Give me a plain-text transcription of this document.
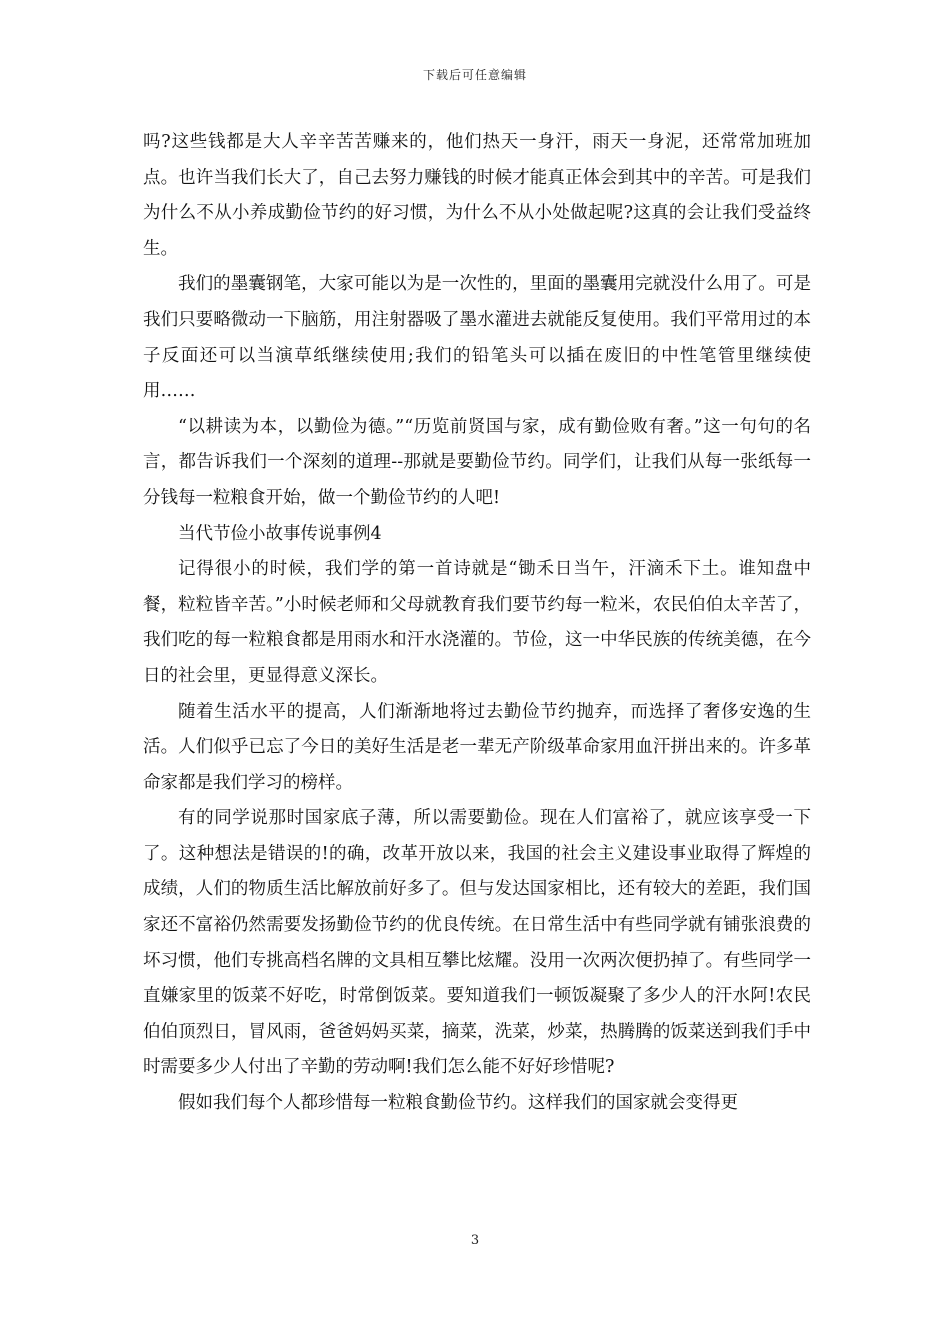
下载后可任意编辑

吗?这些钱都是大人辛辛苦苦赚来的，他们热天一身汗，雨天一身泥，还常常加班加点。也许当我们长大了，自己去努力赚钱的时候才能真正体会到其中的辛苦。可是我们为什么不从小养成勤俭节约的好习惯，为什么不从小处做起呢?这真的会让我们受益终生。

我们的墨囊钢笔，大家可能以为是一次性的，里面的墨囊用完就没什么用了。可是我们只要略微动一下脑筋，用注射器吸了墨水灌进去就能反复使用。我们平常用过的本子反面还可以当演草纸继续使用;我们的铅笔头可以插在废旧的中性笔管里继续使用……

“以耕读为本，以勤俭为德。”“历览前贤国与家，成有勤俭败有奢。”这一句句的名言，都告诉我们一个深刻的道理--那就是要勤俭节约。同学们，让我们从每一张纸每一分钱每一粒粮食开始，做一个勤俭节约的人吧!

当代节俭小故事传说事例4

记得很小的时候，我们学的第一首诗就是“锄禾日当午，汗滴禾下土。谁知盘中餐，粒粒皆辛苦。”小时候老师和父母就教育我们要节约每一粒米，农民伯伯太辛苦了，我们吃的每一粒粮食都是用雨水和汗水浇灌的。节俭，这一中华民族的传统美德，在今日的社会里，更显得意义深长。

随着生活水平的提高，人们渐渐地将过去勤俭节约抛弃，而选择了奢侈安逸的生活。人们似乎已忘了今日的美好生活是老一辈无产阶级革命家用血汗拼出来的。许多革命家都是我们学习的榜样。

有的同学说那时国家底子薄，所以需要勤俭。现在人们富裕了，就应该享受一下了。这种想法是错误的!的确，改革开放以来，我国的社会主义建设事业取得了辉煌的成绩，人们的物质生活比解放前好多了。但与发达国家相比，还有较大的差距，我们国家还不富裕仍然需要发扬勤俭节约的优良传统。在日常生活中有些同学就有铺张浪费的坏习惯，他们专挑高档名牌的文具相互攀比炫耀。没用一次两次便扔掉了。有些同学一直嫌家里的饭菜不好吃，时常倒饭菜。要知道我们一顿饭凝聚了多少人的汗水阿!农民伯伯顶烈日，冒风雨，爸爸妈妈买菜，摘菜，洗菜，炒菜，热腾腾的饭菜送到我们手中时需要多少人付出了辛勤的劳动啊!我们怎么能不好好珍惜呢?

假如我们每个人都珍惜每一粒粮食勤俭节约。这样我们的国家就会变得更

3
